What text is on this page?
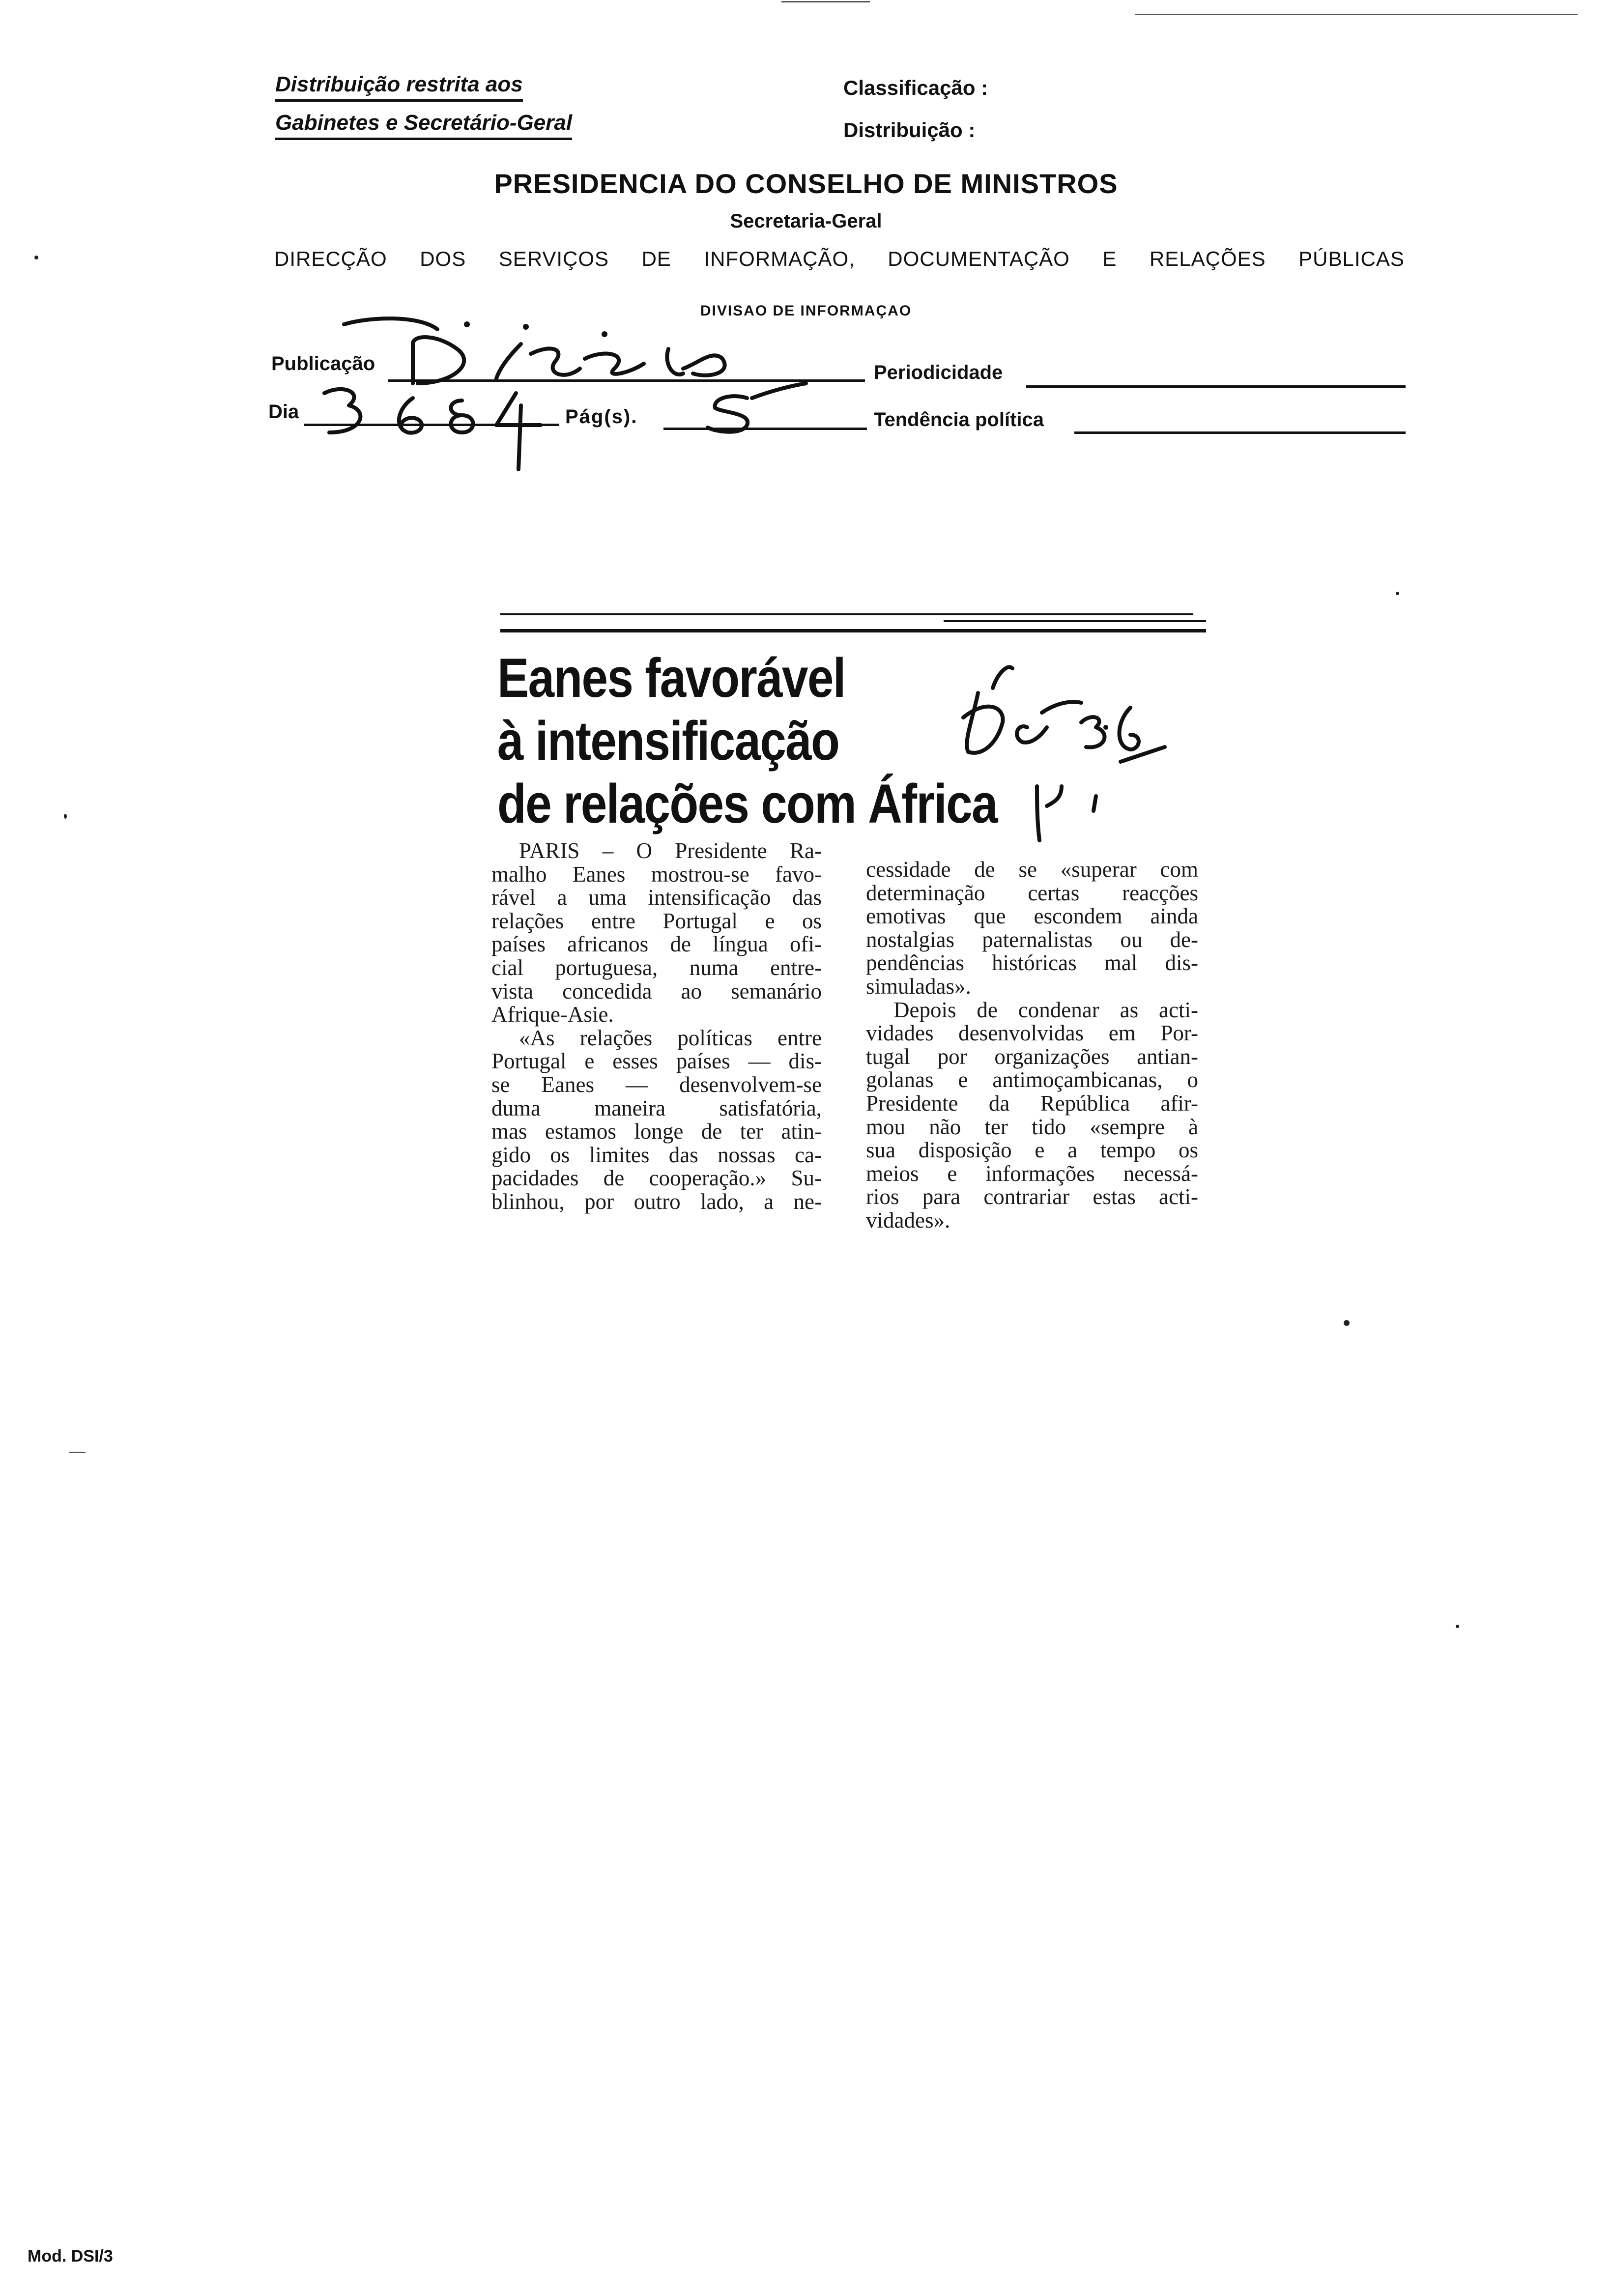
Distribuição restrita aos
Gabinetes e Secretário-Geral
Classificação :
Distribuição :
PRESIDENCIA DO CONSELHO DE MINISTROS
Secretaria-Geral
DIRECÇÃO DOS SERVIÇOS DE INFORMAÇÃO, DOCUMENTAÇÃO E RELAÇÕES PÚBLICAS
DIVISAO DE INFORMAÇAO
Publicação	Periodicidade
Dia	Pág(s).	Tendência política
Eanes favorável
à intensificação
de relações com África
PARIS – O Presidente Ra-
malho Eanes mostrou-se favo-
rável a uma intensificação das
relações entre Portugal e os
países africanos de língua ofi-
cial portuguesa, numa entre-
vista concedida ao semanário
Afrique-Asie.
«As relações políticas entre
Portugal e esses países — dis-
se Eanes — desenvolvem-se
duma maneira satisfatória,
mas estamos longe de ter atin-
gido os limites das nossas ca-
pacidades de cooperação.» Su-
blinhou, por outro lado, a ne-
cessidade de se «superar com
determinação certas reacções
emotivas que escondem ainda
nostalgias paternalistas ou de-
pendências históricas mal dis-
simuladas».
Depois de condenar as acti-
vidades desenvolvidas em Por-
tugal por organizações antian-
golanas e antimoçambicanas, o
Presidente da República afir-
mou não ter tido «sempre à
sua disposição e a tempo os
meios e informações necessá-
rios para contrariar estas acti-
vidades».
Mod. DSI/3
